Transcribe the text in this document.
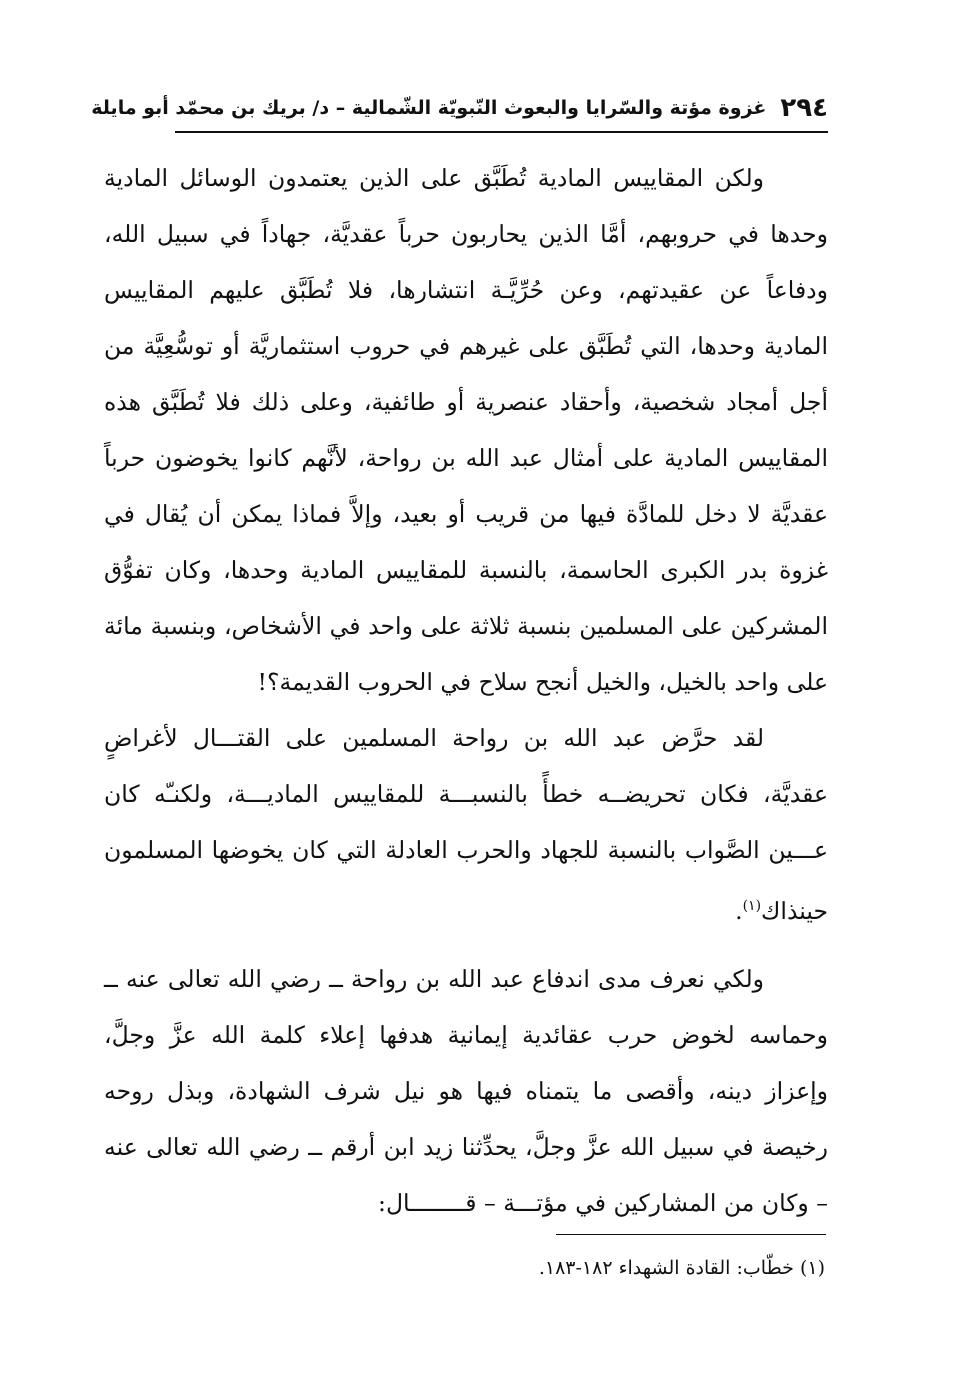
٢٩٤
غزوة مؤتة والسّرايا والبعوث النّبويّة الشّمالية – د/ بريك بن محمّد أبو مايلة

ولكن المقاييس المادية تُطَبَّق على الذين يعتمدون الوسائل المادية وحدها في حروبهم، أمَّا الذين يحاربون حرباً عقديَّة، جهاداً في سبيل الله، ودفاعاً عن عقيدتهم، وعن حُرِّيَّـة انتشارها، فلا تُطَبَّق عليهم المقاييس المادية وحدها، التي تُطَبَّق على غيرهم في حروب استثماريَّة أو توسُّعِيَّة من أجل أمجاد شخصية، وأحقاد عنصرية أو طائفية، وعلى ذلك فلا تُطَبَّق هذه المقاييس المادية على أمثال عبد الله بن رواحة، لأنَّهم كانوا يخوضون حرباً عقديَّة لا دخل للمادَّة فيها من قريب أو بعيد، وإلاَّ فماذا يمكن أن يُقال في غزوة بدر الكبرى الحاسمة، بالنسبة للمقاييس المادية وحدها، وكان تفوُّق المشركين على المسلمين بنسبة ثلاثة على واحد في الأشخاص، وبنسبة مائة على واحد بالخيل، والخيل أنجح سلاح في الحروب القديمة؟!

لقد حرَّض عبد الله بن رواحة المسلمين على القتـــال لأغراضٍ عقديَّة، فكان تحريضــه خطأً بالنسبـــة للمقاييس الماديـــة، ولكنـّه كان عـــين الصَّواب بالنسبة للجهاد والحرب العادلة التي كان يخوضها المسلمون حينذاك$^{(١)}$.

ولكي نعرف مدى اندفاع عبد الله بن رواحة ــ رضي الله تعالى عنه ــ وحماسه لخوض حرب عقائدية إيمانية هدفها إعلاء كلمة الله عزَّ وجلَّ، وإعزاز دينه، وأقصى ما يتمناه فيها هو نيل شرف الشهادة، وبذل روحه رخيصة في سبيل الله عزَّ وجلَّ، يحدِّثنا زيد ابن أرقم ــ رضي الله تعالى عنه – وكان من المشاركين في مؤتـــة – قــــــــال:

(١) خطّاب: القادة الشهداء ١٨٢-١٨٣.
